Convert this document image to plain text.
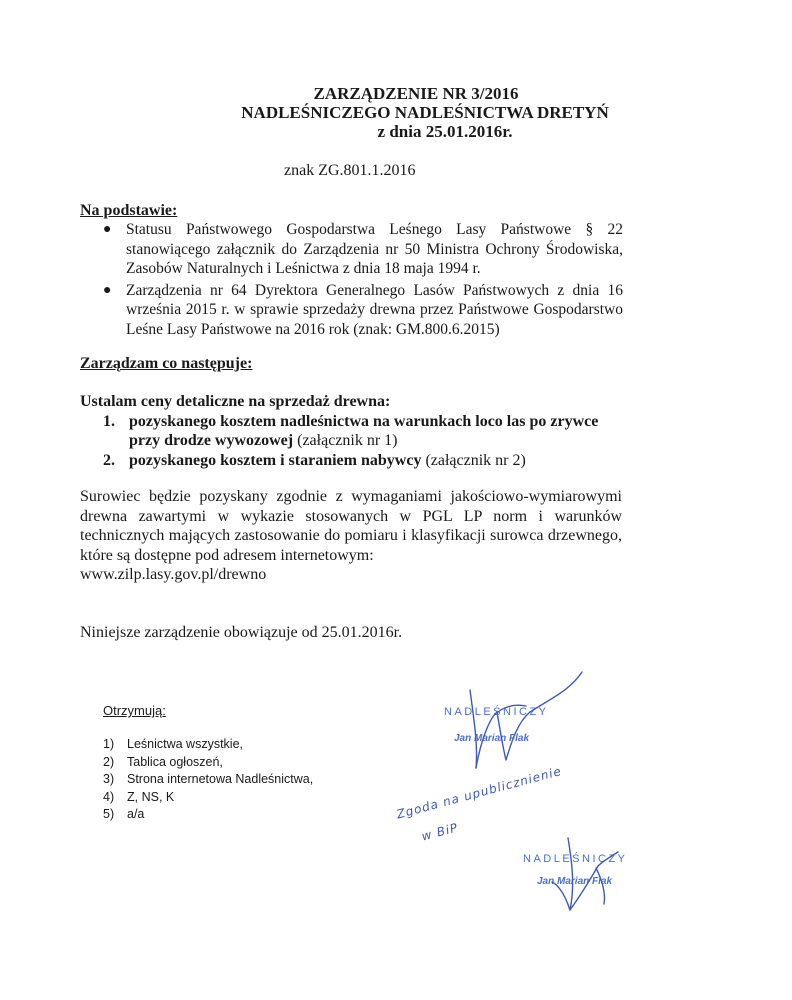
ZARZĄDZENIE NR 3/2016
NADLEŚNICZEGO NADLEŚNICTWA DRETYŃ
z dnia 25.01.2016r.
znak ZG.801.1.2016
Na podstawie:
● Statusu Państwowego Gospodarstwa Leśnego Lasy Państwowe § 22 stanowiącego załącznik do Zarządzenia nr 50 Ministra Ochrony Środowiska, Zasobów Naturalnych i Leśnictwa z dnia 18 maja 1994 r.
● Zarządzenia nr 64 Dyrektora Generalnego Lasów Państwowych z dnia 16 września 2015 r. w sprawie sprzedaży drewna przez Państwowe Gospodarstwo Leśne Lasy Państwowe na 2016 rok (znak: GM.800.6.2015)
Zarządzam co następuje:
Ustalam ceny detaliczne na sprzedaż drewna:
1. pozyskanego kosztem nadleśnictwa na warunkach loco las po zrywce przy drodze wywozowej (załącznik nr 1)
2. pozyskanego kosztem i staraniem nabywcy (załącznik nr 2)
Surowiec będzie pozyskany zgodnie z wymaganiami jakościowo-wymiarowymi drewna zawartymi w wykazie stosowanych w PGL LP norm i warunków technicznych mających zastosowanie do pomiaru i klasyfikacji surowca drzewnego, które są dostępne pod adresem internetowym:
www.zilp.lasy.gov.pl/drewno
Niniejsze zarządzenie obowiązuje od 25.01.2016r.
Otrzymują:
1) Leśnictwa wszystkie,
2) Tablica ogłoszeń,
3) Strona internetowa Nadleśnictwa,
4) Z, NS, K
5) a/a
NADLEŚNICZY
Jan Marian Flak
NADLEŚNICZY
Jan Marian Flak
Zgoda na upublicznienie
w BiP
